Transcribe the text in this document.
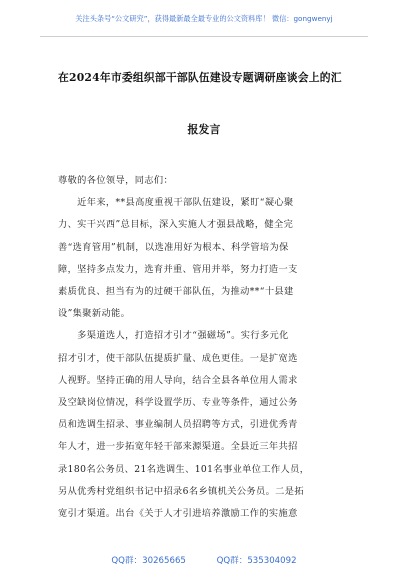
关注头条号“公文研究”，获得最新最全最专业的公文资料库！ 微信：gongwenyj
在2024年市委组织部干部队伍建设专题调研座谈会上的汇
报发言
尊敬的各位领导，同志们：
　　近年来，**县高度重视干部队伍建设，紧盯“凝心聚
力、实干兴西”总目标，深入实施人才强县战略，健全完
善“选育管用”机制，以选准用好为根本、科学管培为保
障，坚持多点发力，选育并重、管用并举，努力打造一支
素质优良、担当有为的过硬干部队伍，为推动**“十县建
设”集聚新动能。
　　多渠道选人，打造招才引才“强磁场”。实行多元化
招才引才，使干部队伍提质扩量、成色更佳。一是扩宽选
人视野。坚持正确的用人导向，结合全县各单位用人需求
及空缺岗位情况，科学设置学历、专业等条件，通过公务
员和选调生招录、事业编制人员招聘等方式，引进优秀青
年人才，进一步拓宽年轻干部来源渠道。全县近三年共招
录180名公务员、21名选调生、101名事业单位工作人员，
另从优秀村党组织书记中招录6名乡镇机关公务员。二是拓
宽引才渠道。出台《关于人才引进培养激励工作的实施意
QQ群：30265665	QQ群：535304092
